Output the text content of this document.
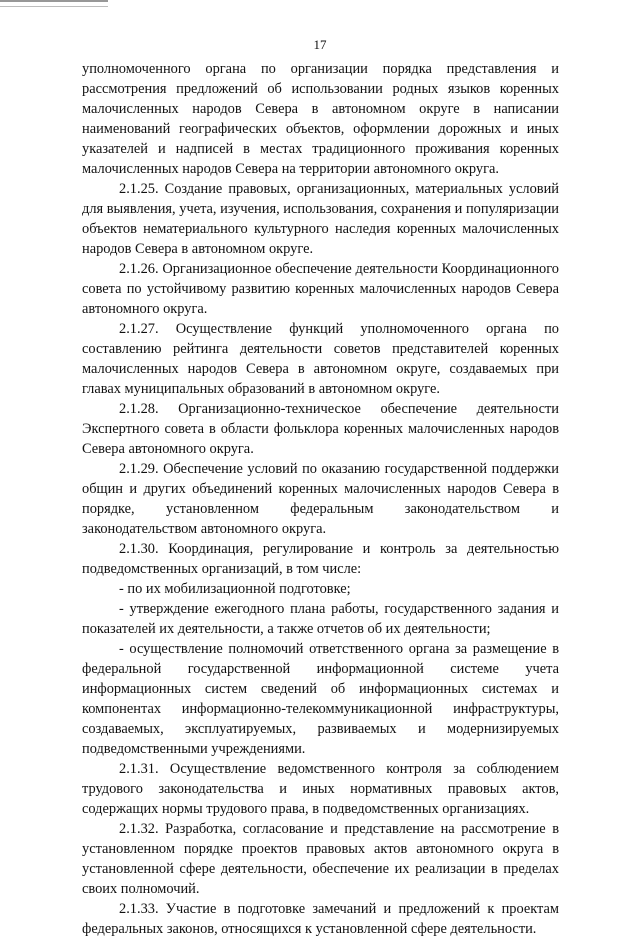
17

уполномоченного органа по организации порядка представления и рассмотрения предложений об использовании родных языков коренных малочисленных народов Севера в автономном округе в написании наименований географических объектов, оформлении дорожных и иных указателей и надписей в местах традиционного проживания коренных малочисленных народов Севера на территории автономного округа.

2.1.25. Создание правовых, организационных, материальных условий для выявления, учета, изучения, использования, сохранения и популяризации объектов нематериального культурного наследия коренных малочисленных народов Севера в автономном округе.

2.1.26. Организационное обеспечение деятельности Координационного совета по устойчивому развитию коренных малочисленных народов Севера автономного округа.

2.1.27. Осуществление функций уполномоченного органа по составлению рейтинга деятельности советов представителей коренных малочисленных народов Севера в автономном округе, создаваемых при главах муниципальных образований в автономном округе.

2.1.28. Организационно-техническое обеспечение деятельности Экспертного совета в области фольклора коренных малочисленных народов Севера автономного округа.

2.1.29. Обеспечение условий по оказанию государственной поддержки общин и других объединений коренных малочисленных народов Севера в порядке, установленном федеральным законодательством и законодательством автономного округа.

2.1.30. Координация, регулирование и контроль за деятельностью подведомственных организаций, в том числе:

- по их мобилизационной подготовке;

- утверждение ежегодного плана работы, государственного задания и показателей их деятельности, а также отчетов об их деятельности;

- осуществление полномочий ответственного органа за размещение в федеральной государственной информационной системе учета информационных систем сведений об информационных системах и компонентах информационно-телекоммуникационной инфраструктуры, создаваемых, эксплуатируемых, развиваемых и модернизируемых подведомственными учреждениями.

2.1.31. Осуществление ведомственного контроля за соблюдением трудового законодательства и иных нормативных правовых актов, содержащих нормы трудового права, в подведомственных организациях.

2.1.32. Разработка, согласование и представление на рассмотрение в установленном порядке проектов правовых актов автономного округа в установленной сфере деятельности, обеспечение их реализации в пределах своих полномочий.

2.1.33. Участие в подготовке замечаний и предложений к проектам федеральных законов, относящихся к установленной сфере деятельности.
